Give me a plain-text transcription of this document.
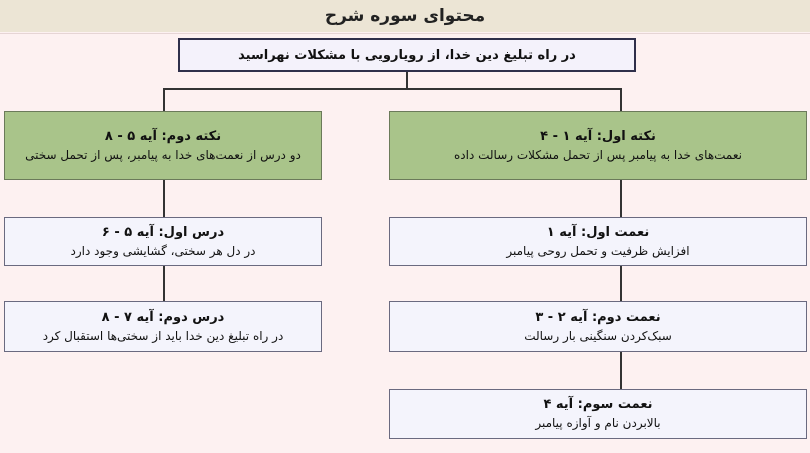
محتوای سوره شرح
در راه تبلیغ دین خدا، از رویارویی با مشکلات نهراسید
نکته دوم: آیه ۵ - ۸
دو درس از نعمت‌های خدا به پیامبر، پس از تحمل سختی
نکته اول: آیه ۱ - ۴
نعمت‌های خدا به پیامبر پس از تحمل مشکلات رسالت داده
درس اول: آیه ۵ - ۶
در دل هر سختی، گشایشی وجود دارد
درس دوم: آیه ۷ - ۸
در راه تبلیغ دین خدا باید از سختی‌ها استقبال کرد
نعمت اول: آیه ۱
افزایش ظرفیت و تحمل روحی پیامبر
نعمت دوم: آیه ۲ - ۳
سبک‌کردن سنگینی بار رسالت
نعمت سوم: آیه ۴
بالابردن نام و آوازه پیامبر
